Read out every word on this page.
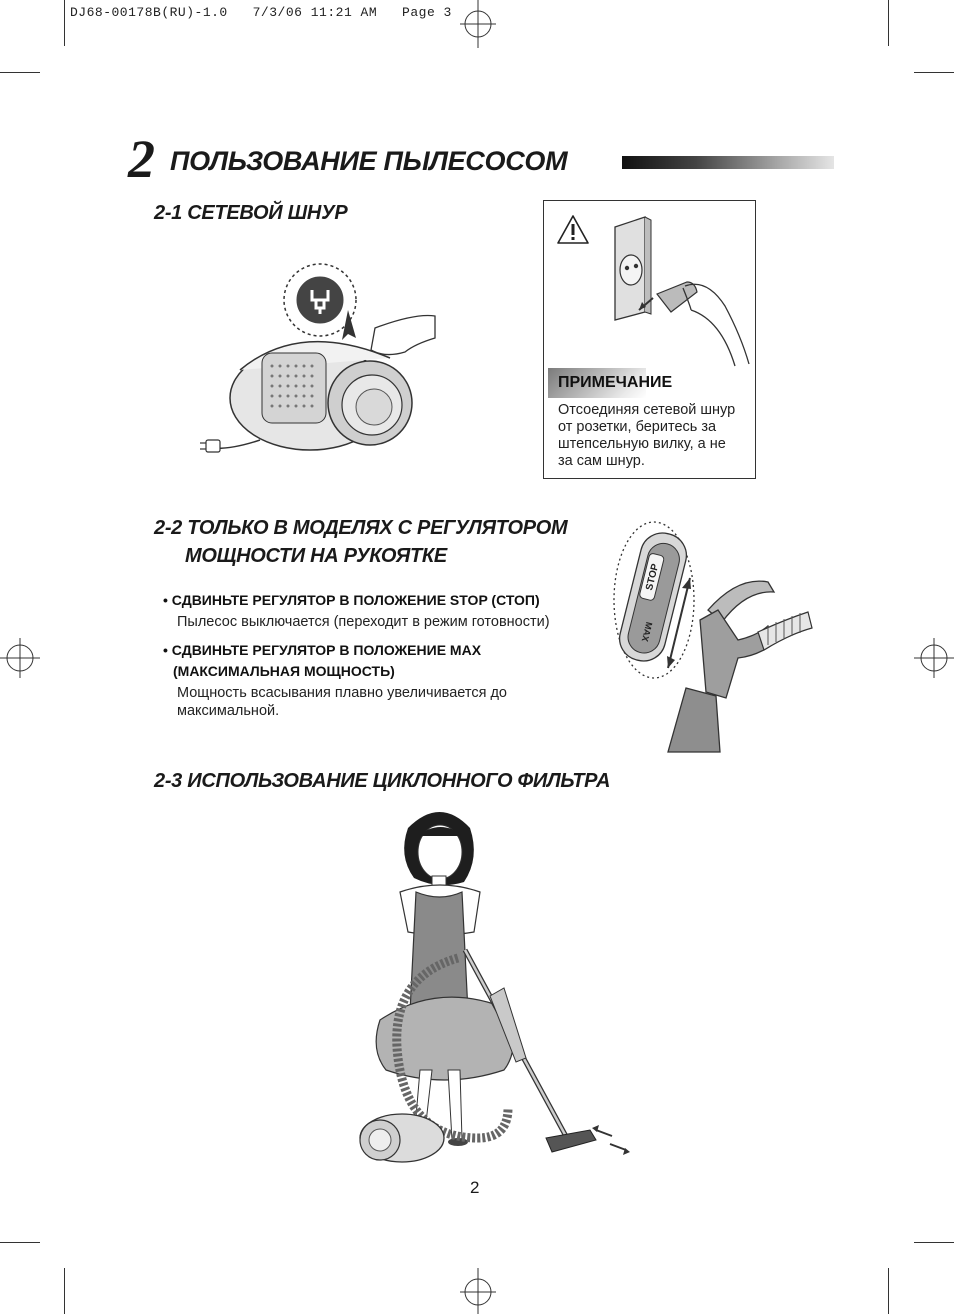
DJ68-00178B(RU)-1.0   7/3/06 11:21 AM   Page 3
2 ПОЛЬЗОВАНИЕ ПЫЛЕСОСОМ
2-1 СЕТЕВОЙ ШНУР
ПРИМЕЧАНИЕ
Отсоединяя сетевой шнур
от розетки, беритесь за
штепсельную вилку, а не
за сам шнур.
2-2 ТОЛЬКО В МОДЕЛЯХ С РЕГУЛЯТОРОМ
МОЩНОСТИ НА РУКОЯТКЕ
• СДВИНЬТЕ РЕГУЛЯТОР В ПОЛОЖЕНИЕ STOP (СТОП)
Пылесос выключается (переходит в режим готовности)
• СДВИНЬТЕ РЕГУЛЯТОР В ПОЛОЖЕНИЕ MAX
(МАКСИМАЛЬНАЯ МОЩНОСТЬ)
Мощность всасывания плавно увеличивается до
максимальной.
STOP
MAX
2-3 ИСПОЛЬЗОВАНИЕ ЦИКЛОННОГО ФИЛЬТРА
2
